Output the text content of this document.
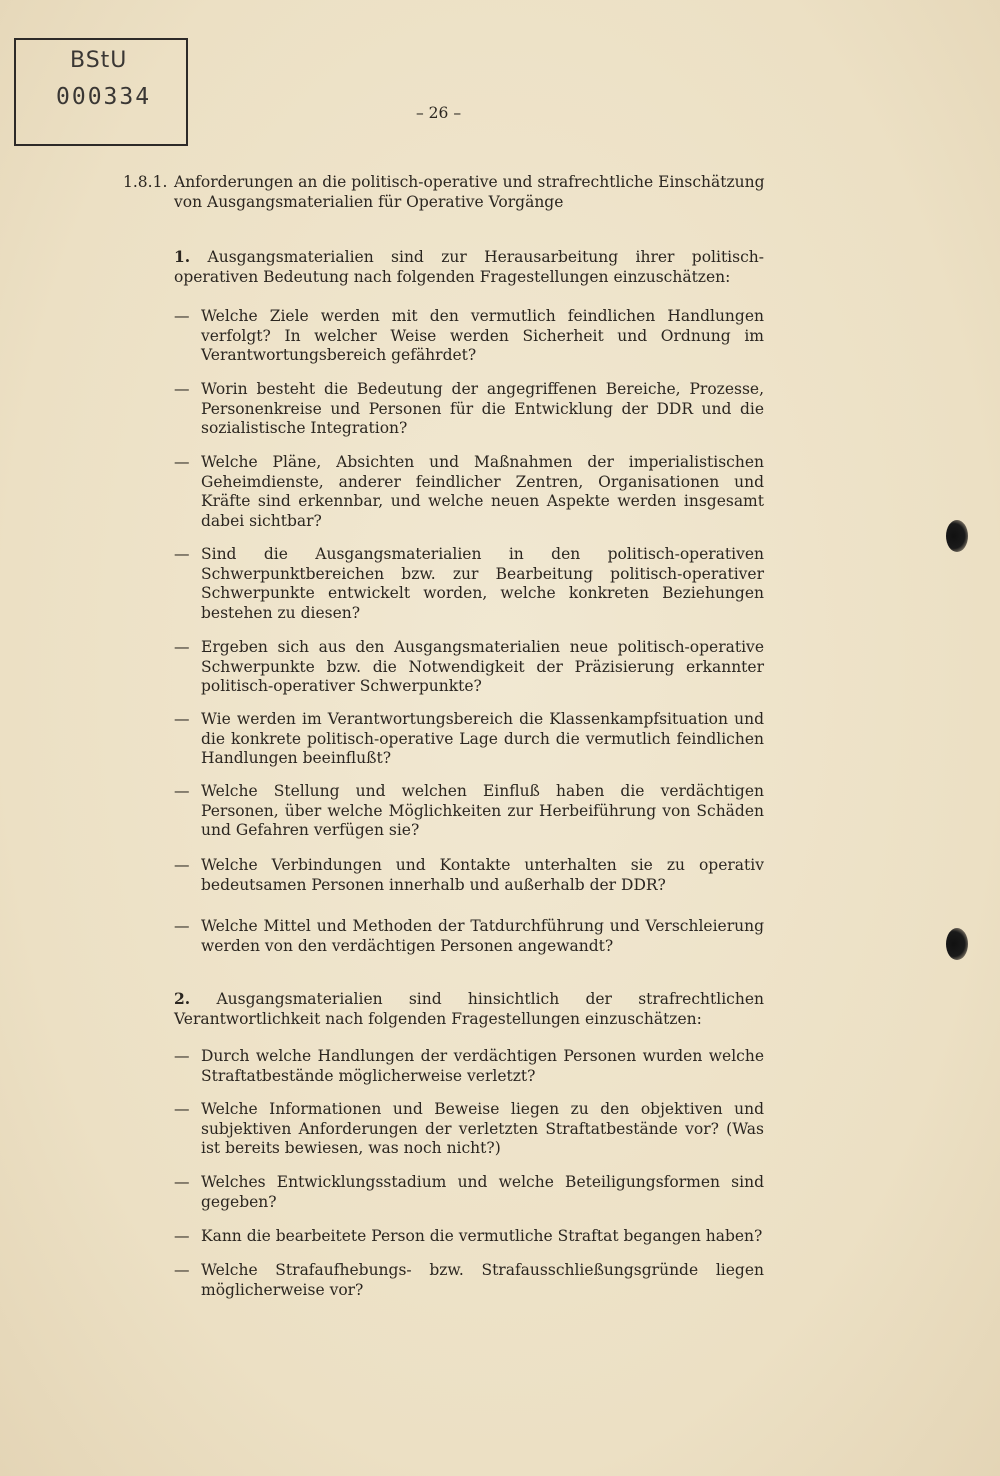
BStU
000334
– 26 –
1.8.1. Anforderungen an die politisch-operative und strafrechtliche Einschätzung von Ausgangsmaterialien für Operative Vorgänge
1. Ausgangsmaterialien sind zur Herausarbeitung ihrer politisch-operativen Bedeutung nach folgenden Fragestellungen einzuschätzen:
— Welche Ziele werden mit den vermutlich feindlichen Handlungen verfolgt? In welcher Weise werden Sicherheit und Ordnung im Verantwortungsbereich gefährdet?
— Worin besteht die Bedeutung der angegriffenen Bereiche, Prozesse, Personenkreise und Personen für die Entwicklung der DDR und die sozialistische Integration?
— Welche Pläne, Absichten und Maßnahmen der imperialistischen Geheimdienste, anderer feindlicher Zentren, Organisationen und Kräfte sind erkennbar, und welche neuen Aspekte werden insgesamt dabei sichtbar?
— Sind die Ausgangsmaterialien in den politisch-operativen Schwerpunktbereichen bzw. zur Bearbeitung politisch-operativer Schwerpunkte entwickelt worden, welche konkreten Beziehungen bestehen zu diesen?
— Ergeben sich aus den Ausgangsmaterialien neue politisch-operative Schwerpunkte bzw. die Notwendigkeit der Präzisierung erkannter politisch-operativer Schwerpunkte?
— Wie werden im Verantwortungsbereich die Klassenkampfsituation und die konkrete politisch-operative Lage durch die vermutlich feindlichen Handlungen beeinflußt?
— Welche Stellung und welchen Einfluß haben die verdächtigen Personen, über welche Möglichkeiten zur Herbeiführung von Schäden und Gefahren verfügen sie?
— Welche Verbindungen und Kontakte unterhalten sie zu operativ bedeutsamen Personen innerhalb und außerhalb der DDR?
— Welche Mittel und Methoden der Tatdurchführung und Verschleierung werden von den verdächtigen Personen angewandt?
2. Ausgangsmaterialien sind hinsichtlich der strafrechtlichen Verantwortlichkeit nach folgenden Fragestellungen einzuschätzen:
— Durch welche Handlungen der verdächtigen Personen wurden welche Straftatbestände möglicherweise verletzt?
— Welche Informationen und Beweise liegen zu den objektiven und subjektiven Anforderungen der verletzten Straftatbestände vor? (Was ist bereits bewiesen, was noch nicht?)
— Welches Entwicklungsstadium und welche Beteiligungsformen sind gegeben?
— Kann die bearbeitete Person die vermutliche Straftat begangen haben?
— Welche Strafaufhebungs- bzw. Strafausschließungsgründe liegen möglicherweise vor?
